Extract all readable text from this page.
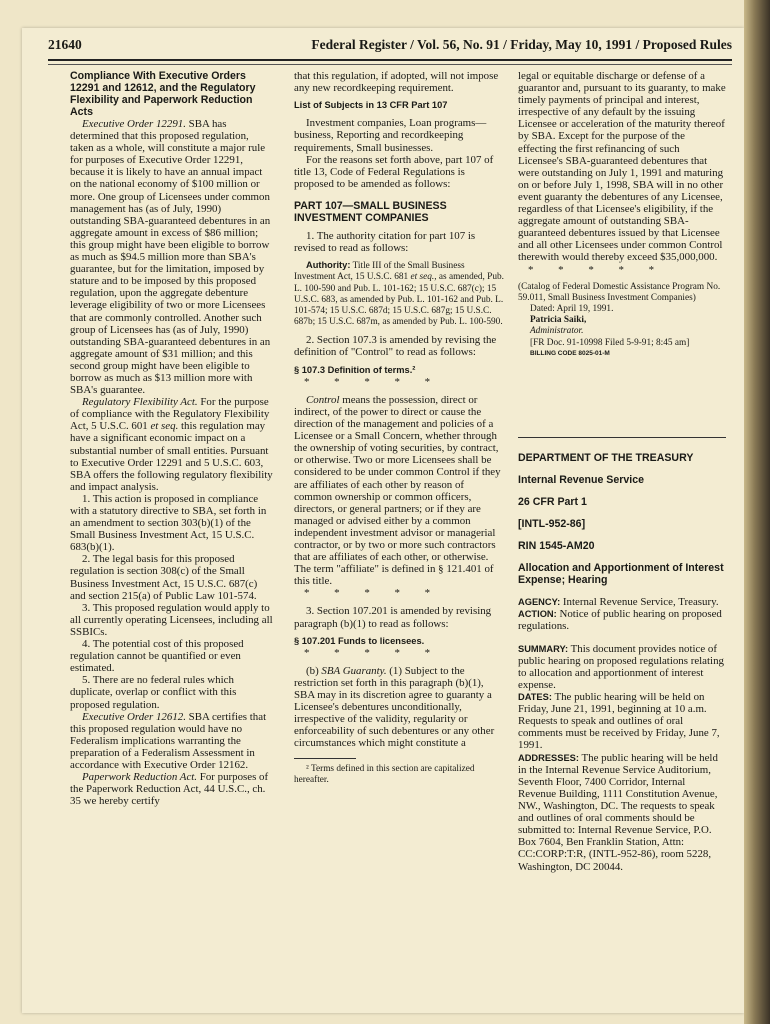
21640	Federal Register / Vol. 56, No. 91 / Friday, May 10, 1991 / Proposed Rules

Compliance With Executive Orders 12291 and 12612, and the Regulatory Flexibility and Paperwork Reduction Acts

Executive Order 12291. SBA has determined that this proposed regulation, taken as a whole, will constitute a major rule for purposes of Executive Order 12291, because it is likely to have an annual impact on the national economy of $100 million or more. One group of Licensees under common management has (as of July, 1990) outstanding SBA-guaranteed debentures in an aggregate amount in excess of $86 million; this group might have been eligible to borrow as much as $94.5 million more than SBA's guarantee, but for the limitation, imposed by stature and to be imposed by this proposed regulation, upon the aggregate debenture leverage eligibility of two or more Licensees that are commonly controlled. Another such group of Licensees has (as of July, 1990) outstanding SBA-guaranteed debentures in an aggregate amount of $31 million; and this second group might have been eligible to borrow as much as $13 million more with SBA's guarantee.

Regulatory Flexibility Act. For the purpose of compliance with the Regulatory Flexibility Act, 5 U.S.C. 601 et seq. this regulation may have a significant economic impact on a substantial number of small entities. Pursuant to Executive Order 12291 and 5 U.S.C. 603, SBA offers the following regulatory flexibility and impact analysis.

1. This action is proposed in compliance with a statutory directive to SBA, set forth in an amendment to section 303(b)(1) of the Small Business Investment Act, 15 U.S.C. 683(b)(1).

2. The legal basis for this proposed regulation is section 308(c) of the Small Business Investment Act, 15 U.S.C. 687(c) and section 215(a) of Public Law 101-574.

3. This proposed regulation would apply to all currently operating Licensees, including all SSBICs.

4. The potential cost of this proposed regulation cannot be quantified or even estimated.

5. There are no federal rules which duplicate, overlap or conflict with this proposed regulation.

Executive Order 12612. SBA certifies that this proposed regulation would have no Federalism implications warranting the preparation of a Federalism Assessment in accordance with Executive Order 12162.

Paperwork Reduction Act. For purposes of the Paperwork Reduction Act, 44 U.S.C., ch. 35 we hereby certify

that this regulation, if adopted, will not impose any new recordkeeping requirement.

List of Subjects in 13 CFR Part 107

Investment companies, Loan programs—business, Reporting and recordkeeping requirements, Small businesses.

For the reasons set forth above, part 107 of title 13, Code of Federal Regulations is proposed to be amended as follows:

PART 107—SMALL BUSINESS INVESTMENT COMPANIES

1. The authority citation for part 107 is revised to read as follows:

Authority: Title III of the Small Business Investment Act, 15 U.S.C. 681 et seq., as amended, Pub. L. 100-590 and Pub. L. 101-162; 15 U.S.C. 687(c); 15 U.S.C. 683, as amended by Pub. L. 101-162 and Pub. L. 101-574; 15 U.S.C. 687d; 15 U.S.C. 687g; 15 U.S.C. 687b; 15 U.S.C. 687m, as amended by Pub. L. 100-590.

2. Section 107.3 is amended by revising the definition of "Control" to read as follows:

§ 107.3 Definition of terms.²

* * * * *

Control means the possession, direct or indirect, of the power to direct or cause the direction of the management and policies of a Licensee or a Small Concern, whether through the ownership of voting securities, by contract, or otherwise. Two or more Licensees shall be considered to be under common Control if they are affiliates of each other by reason of common ownership or common officers, directors, or general partners; or if they are managed or advised either by a common independent investment advisor or managerial contractor, or by two or more such contractors that are affiliates of each other, or otherwise. The term "affiliate" is defined in § 121.401 of this title.

* * * * *

3. Section 107.201 is amended by revising paragraph (b)(1) to read as follows:

§ 107.201 Funds to licensees.

* * * * *

(b) SBA Guaranty. (1) Subject to the restriction set forth in this paragraph (b)(1), SBA may in its discretion agree to guaranty a Licensee's debentures unconditionally, irrespective of the validity, regularity or enforceability of such debentures or any other circumstances which might constitute a

² Terms defined in this section are capitalized hereafter.

legal or equitable discharge or defense of a guarantor and, pursuant to its guaranty, to make timely payments of principal and interest, irrespective of any default by the issuing Licensee or acceleration of the maturity thereof by SBA. Except for the purpose of the effecting the first refinancing of such Licensee's SBA-guaranteed debentures that were outstanding on July 1, 1991 and maturing on or before July 1, 1998, SBA will in no other event guaranty the debentures of any Licensee, regardless of that Licensee's eligibility, if the aggregate amount of outstanding SBA-guaranteed debentures issued by that Licensee and all other Licensees under common Control therewith would thereby exceed $35,000,000.

* * * * *

(Catalog of Federal Domestic Assistance Program No. 59.011, Small Business Investment Companies)

Dated: April 19, 1991.

Patricia Saiki,

Administrator.

[FR Doc. 91-10998 Filed 5-9-91; 8:45 am]

BILLING CODE 8025-01-M

DEPARTMENT OF THE TREASURY

Internal Revenue Service

26 CFR Part 1

[INTL-952-86]

RIN 1545-AM20

Allocation and Apportionment of Interest Expense; Hearing

AGENCY: Internal Revenue Service, Treasury.

ACTION: Notice of public hearing on proposed regulations.

SUMMARY: This document provides notice of public hearing on proposed regulations relating to allocation and apportionment of interest expense.

DATES: The public hearing will be held on Friday, June 21, 1991, beginning at 10 a.m. Requests to speak and outlines of oral comments must be received by Friday, June 7, 1991.

ADDRESSES: The public hearing will be held in the Internal Revenue Service Auditorium, Seventh Floor, 7400 Corridor, Internal Revenue Building, 1111 Constitution Avenue, NW., Washington, DC. The requests to speak and outlines of oral comments should be submitted to: Internal Revenue Service, P.O. Box 7604, Ben Franklin Station, Attn: CC:CORP:T:R, (INTL-952-86), room 5228, Washington, DC 20044.
